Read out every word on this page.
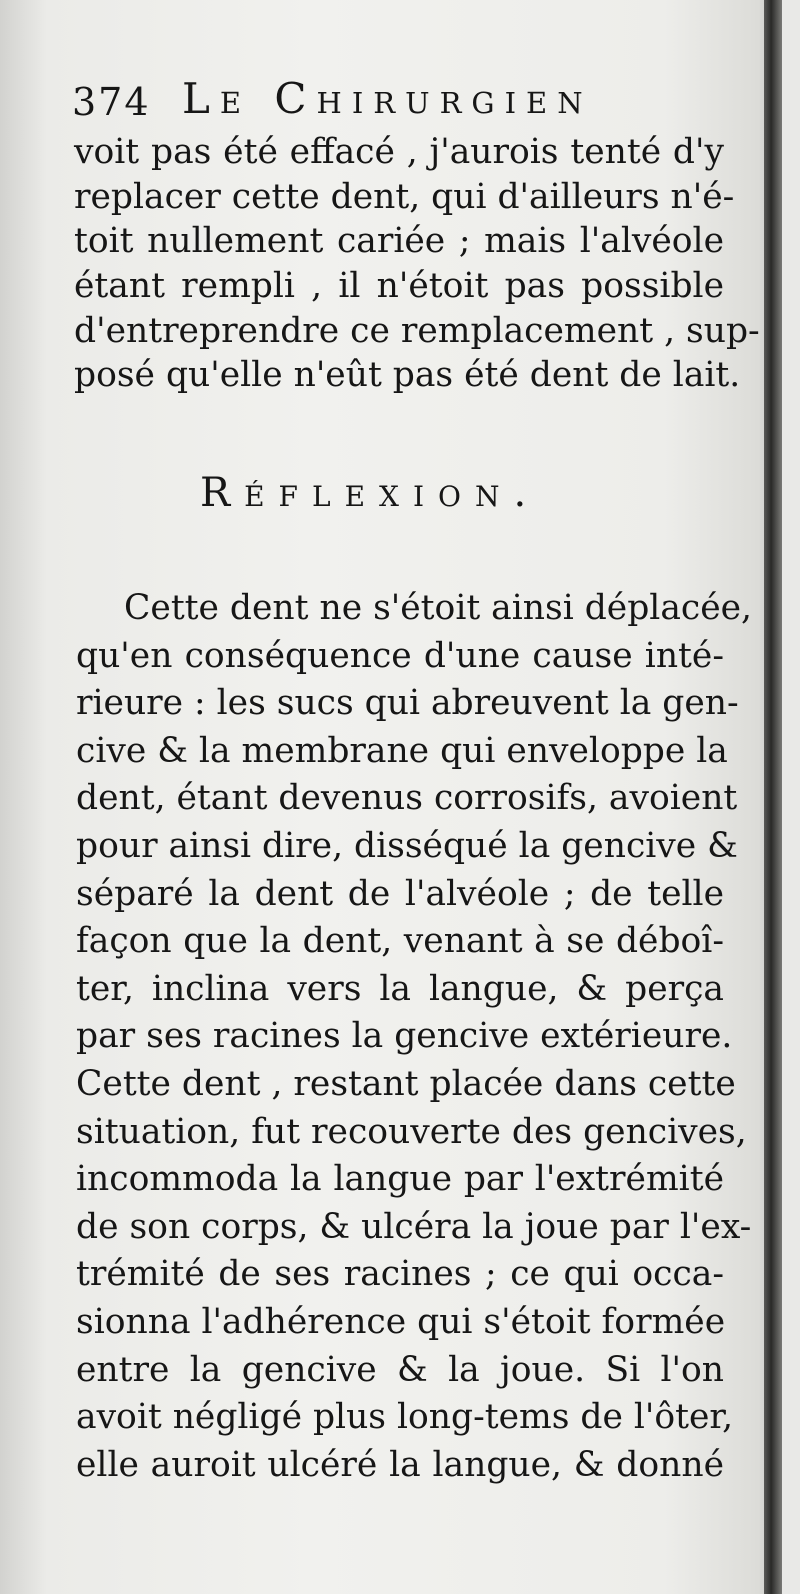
374 Le Chirurgien
voit pas été effacé , j'aurois tenté d'y
replacer cette dent, qui d'ailleurs n'é-
toit nullement cariée ; mais l'alvéole
étant rempli , il n'étoit pas possible
d'entreprendre ce remplacement , sup-
posé qu'elle n'eût pas été dent de lait.
Réflexion.
Cette dent ne s'étoit ainsi déplacée,
qu'en conséquence d'une cause inté-
rieure : les sucs qui abreuvent la gen-
cive & la membrane qui enveloppe la
dent, étant devenus corrosifs, avoient
pour ainsi dire, disséqué la gencive &
séparé la dent de l'alvéole ; de telle
façon que la dent, venant à se déboî-
ter, inclina vers la langue, & perça
par ses racines la gencive extérieure.
Cette dent , restant placée dans cette
situation, fut recouverte des gencives,
incommoda la langue par l'extrémité
de son corps, & ulcéra la joue par l'ex-
trémité de ses racines ; ce qui occa-
sionna l'adhérence qui s'étoit formée
entre la gencive & la joue. Si l'on
avoit négligé plus long-tems de l'ôter,
elle auroit ulcéré la langue, & donné
